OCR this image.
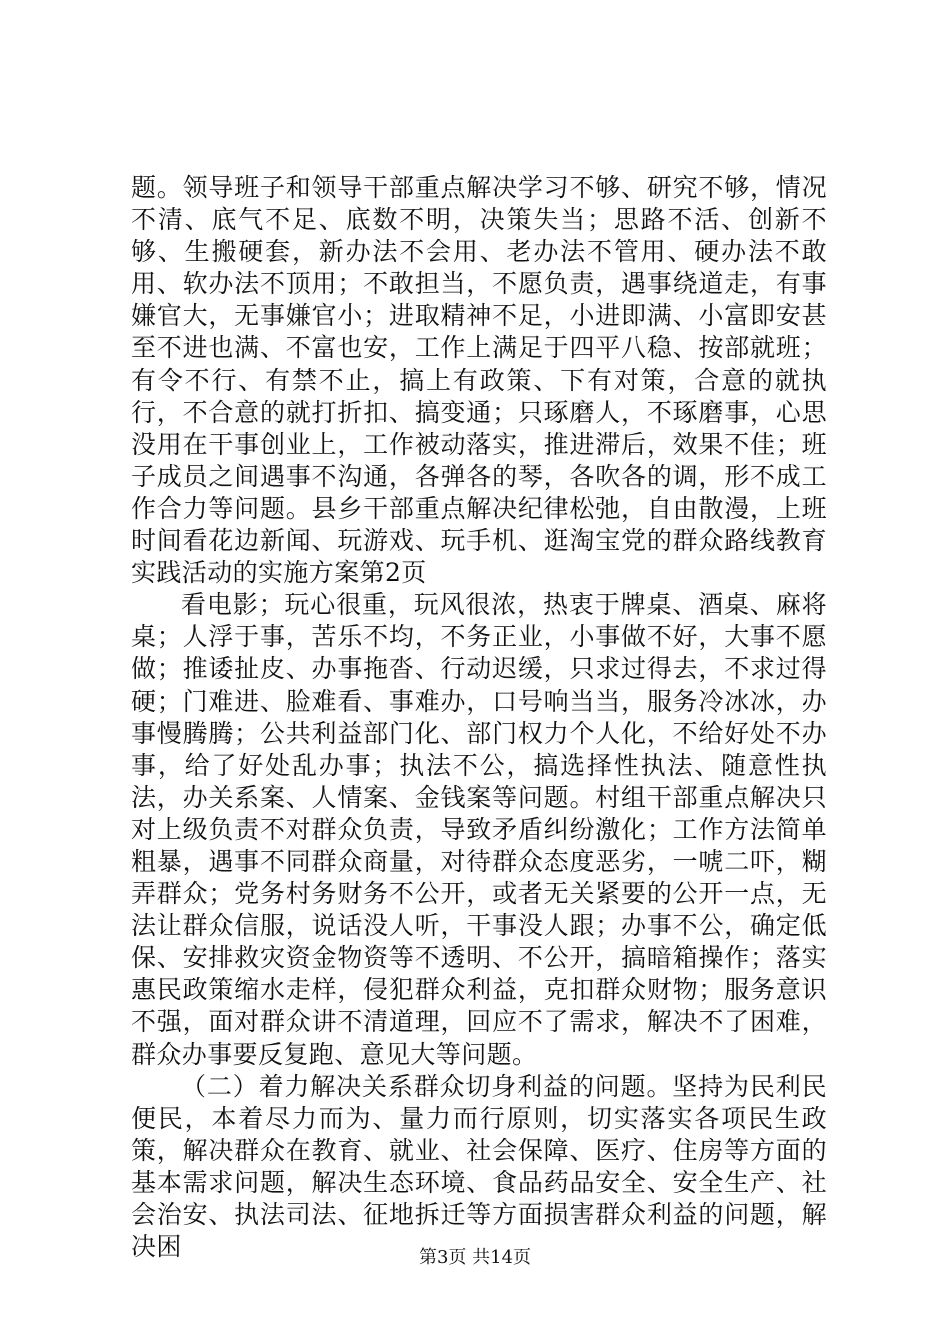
题。领导班子和领导干部重点解决学习不够、研究不够，情况不清、底气不足、底数不明，决策失当；思路不活、创新不够、生搬硬套，新办法不会用、老办法不管用、硬办法不敢用、软办法不顶用；不敢担当，不愿负责，遇事绕道走，有事嫌官大，无事嫌官小；进取精神不足，小进即满、小富即安甚至不进也满、不富也安，工作上满足于四平八稳、按部就班；有令不行、有禁不止，搞上有政策、下有对策，合意的就执行，不合意的就打折扣、搞变通；只琢磨人，不琢磨事，心思没用在干事创业上，工作被动落实，推进滞后，效果不佳；班子成员之间遇事不沟通，各弹各的琴，各吹各的调，形不成工作合力等问题。县乡干部重点解决纪律松弛，自由散漫，上班时间看花边新闻、玩游戏、玩手机、逛淘宝党的群众路线教育实践活动的实施方案第2页

看电影；玩心很重，玩风很浓，热衷于牌桌、酒桌、麻将桌；人浮于事，苦乐不均，不务正业，小事做不好，大事不愿做；推诿扯皮、办事拖沓、行动迟缓，只求过得去，不求过得硬；门难进、脸难看、事难办，口号响当当，服务冷冰冰，办事慢腾腾；公共利益部门化、部门权力个人化，不给好处不办事，给了好处乱办事；执法不公，搞选择性执法、随意性执法，办关系案、人情案、金钱案等问题。村组干部重点解决只对上级负责不对群众负责，导致矛盾纠纷激化；工作方法简单粗暴，遇事不同群众商量，对待群众态度恶劣，一唬二吓，糊弄群众；党务村务财务不公开，或者无关紧要的公开一点，无法让群众信服，说话没人听，干事没人跟；办事不公，确定低保、安排救灾资金物资等不透明、不公开，搞暗箱操作；落实惠民政策缩水走样，侵犯群众利益，克扣群众财物；服务意识不强，面对群众讲不清道理，回应不了需求，解决不了困难，群众办事要反复跑、意见大等问题。

（二）着力解决关系群众切身利益的问题。坚持为民利民便民，本着尽力而为、量力而行原则，切实落实各项民生政策，解决群众在教育、就业、社会保障、医疗、住房等方面的基本需求问题，解决生态环境、食品药品安全、安全生产、社会治安、执法司法、征地拆迁等方面损害群众利益的问题，解决困	第3页 共14页
